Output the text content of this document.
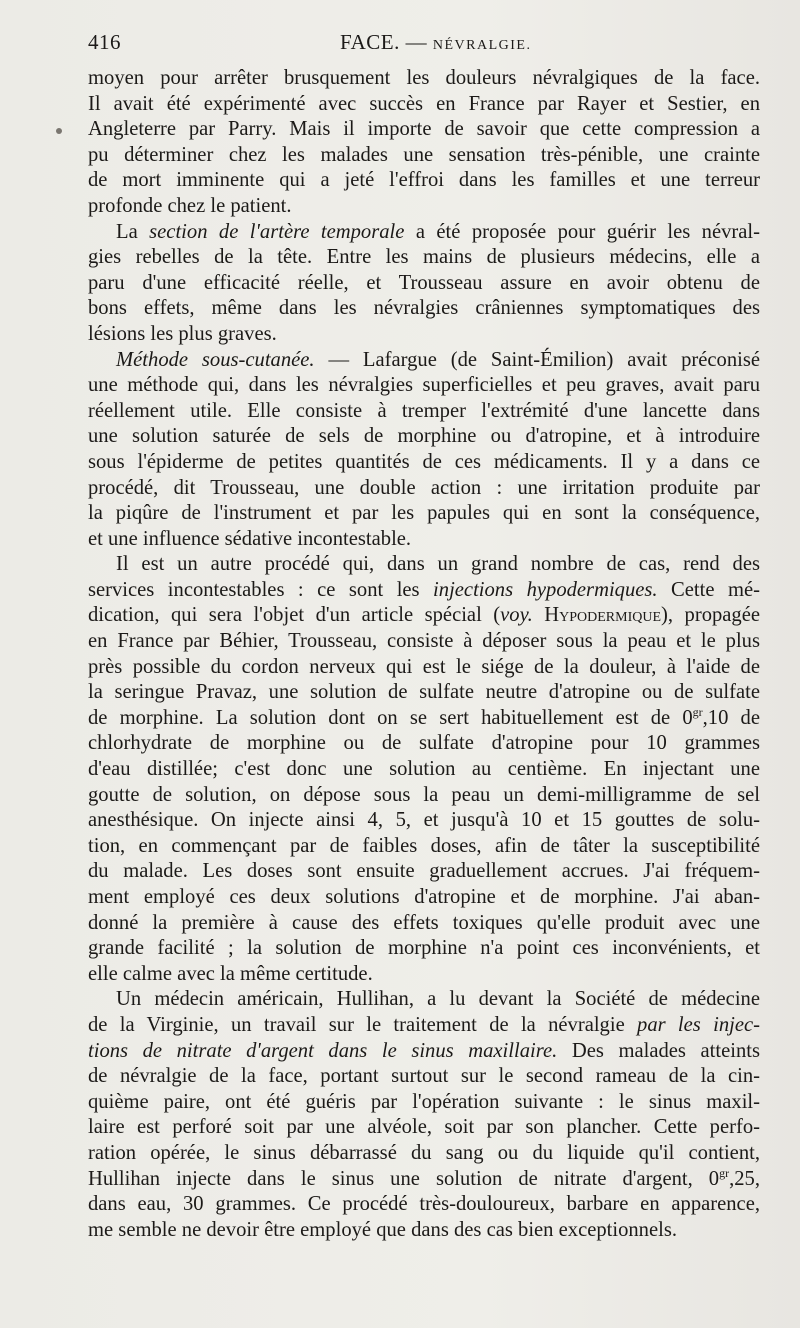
416	FACE. — NÉVRALGIE.
moyen pour arrêter brusquement les douleurs névralgiques de la face.
Il avait été expérimenté avec succès en France par Rayer et Sestier, en
Angleterre par Parry. Mais il importe de savoir que cette compression a
pu déterminer chez les malades une sensation très-pénible, une crainte
de mort imminente qui a jeté l'effroi dans les familles et une terreur
profonde chez le patient.
La section de l'artère temporale a été proposée pour guérir les névral-
gies rebelles de la tête. Entre les mains de plusieurs médecins, elle a
paru d'une efficacité réelle, et Trousseau assure en avoir obtenu de
bons effets, même dans les névralgies crâniennes symptomatiques des
lésions les plus graves.
Méthode sous-cutanée. — Lafargue (de Saint-Émilion) avait préconisé
une méthode qui, dans les névralgies superficielles et peu graves, avait paru
réellement utile. Elle consiste à tremper l'extrémité d'une lancette dans
une solution saturée de sels de morphine ou d'atropine, et à introduire
sous l'épiderme de petites quantités de ces médicaments. Il y a dans ce
procédé, dit Trousseau, une double action : une irritation produite par
la piqûre de l'instrument et par les papules qui en sont la conséquence,
et une influence sédative incontestable.
Il est un autre procédé qui, dans un grand nombre de cas, rend des
services incontestables : ce sont les injections hypodermiques. Cette mé-
dication, qui sera l'objet d'un article spécial (voy. Hypodermique), propagée
en France par Béhier, Trousseau, consiste à déposer sous la peau et le plus
près possible du cordon nerveux qui est le siége de la douleur, à l'aide de
la seringue Pravaz, une solution de sulfate neutre d'atropine ou de sulfate
de morphine. La solution dont on se sert habituellement est de $0^{gr},10$ de
chlorhydrate de morphine ou de sulfate d'atropine pour 10 grammes
d'eau distillée; c'est donc une solution au centième. En injectant une
goutte de solution, on dépose sous la peau un demi-milligramme de sel
anesthésique. On injecte ainsi 4, 5, et jusqu'à 10 et 15 gouttes de solu-
tion, en commençant par de faibles doses, afin de tâter la susceptibilité
du malade. Les doses sont ensuite graduellement accrues. J'ai fréquem-
ment employé ces deux solutions d'atropine et de morphine. J'ai aban-
donné la première à cause des effets toxiques qu'elle produit avec une
grande facilité ; la solution de morphine n'a point ces inconvénients, et
elle calme avec la même certitude.
Un médecin américain, Hullihan, a lu devant la Société de médecine
de la Virginie, un travail sur le traitement de la névralgie par les injec-
tions de nitrate d'argent dans le sinus maxillaire. Des malades atteints
de névralgie de la face, portant surtout sur le second rameau de la cin-
quième paire, ont été guéris par l'opération suivante : le sinus maxil-
laire est perforé soit par une alvéole, soit par son plancher. Cette perfo-
ration opérée, le sinus débarrassé du sang ou du liquide qu'il contient,
Hullihan injecte dans le sinus une solution de nitrate d'argent, $0^{gr},25$,
dans eau, 30 grammes. Ce procédé très-douloureux, barbare en apparence,
me semble ne devoir être employé que dans des cas bien exceptionnels.
